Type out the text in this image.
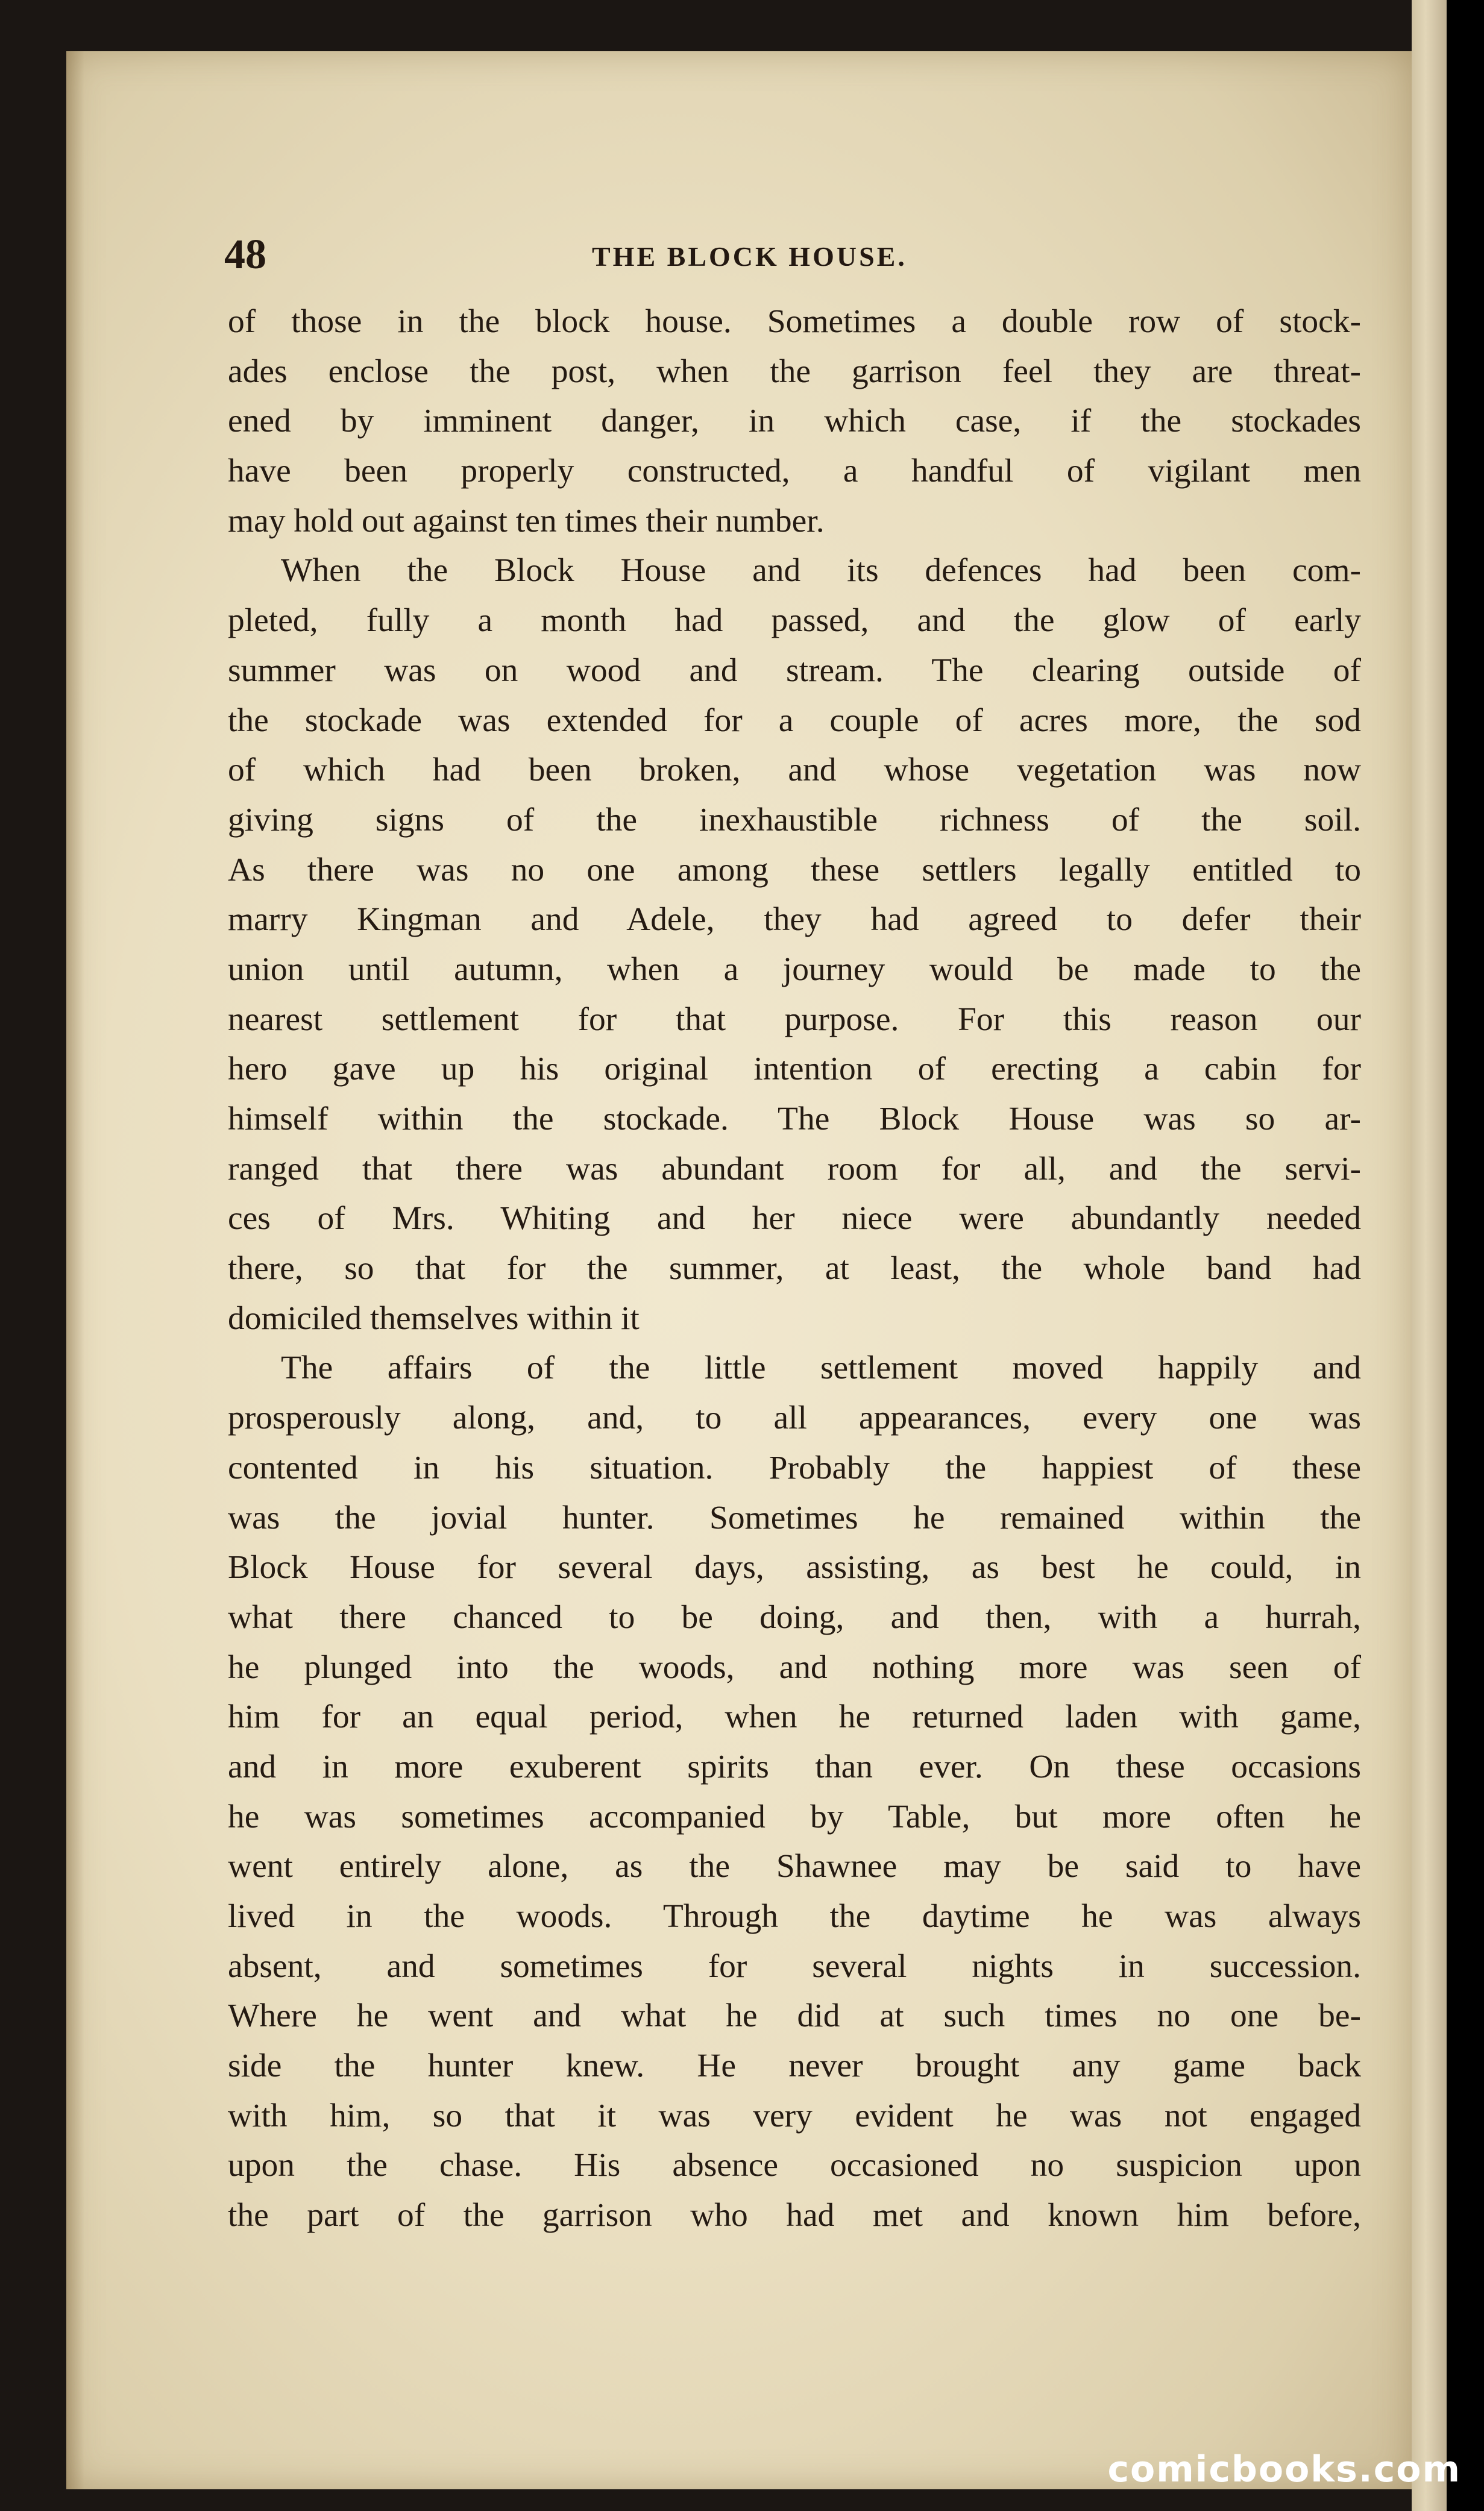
48	THE BLOCK HOUSE.
of those in the block house. Sometimes a double row of stock-
ades enclose the post, when the garrison feel they are threat-
ened by imminent danger, in which case, if the stockades
have been properly constructed, a handful of vigilant men
may hold out against ten times their number.
When the Block House and its defences had been com-
pleted, fully a month had passed, and the glow of early
summer was on wood and stream. The clearing outside of
the stockade was extended for a couple of acres more, the sod
of which had been broken, and whose vegetation was now
giving signs of the inexhaustible richness of the soil.
As there was no one among these settlers legally entitled to
marry Kingman and Adele, they had agreed to defer their
union until autumn, when a journey would be made to the
nearest settlement for that purpose. For this reason our
hero gave up his original intention of erecting a cabin for
himself within the stockade. The Block House was so ar-
ranged that there was abundant room for all, and the servi-
ces of Mrs. Whiting and her niece were abundantly needed
there, so that for the summer, at least, the whole band had
domiciled themselves within it
The affairs of the little settlement moved happily and
prosperously along, and, to all appearances, every one was
contented in his situation. Probably the happiest of these
was the jovial hunter. Sometimes he remained within the
Block House for several days, assisting, as best he could, in
what there chanced to be doing, and then, with a hurrah,
he plunged into the woods, and nothing more was seen of
him for an equal period, when he returned laden with game,
and in more exuberent spirits than ever. On these occasions
he was sometimes accompanied by Table, but more often he
went entirely alone, as the Shawnee may be said to have
lived in the woods. Through the daytime he was always
absent, and sometimes for several nights in succession.
Where he went and what he did at such times no one be-
side the hunter knew. He never brought any game back
with him, so that it was very evident he was not engaged
upon the chase. His absence occasioned no suspicion upon
the part of the garrison who had met and known him before,
comicbooks.com
